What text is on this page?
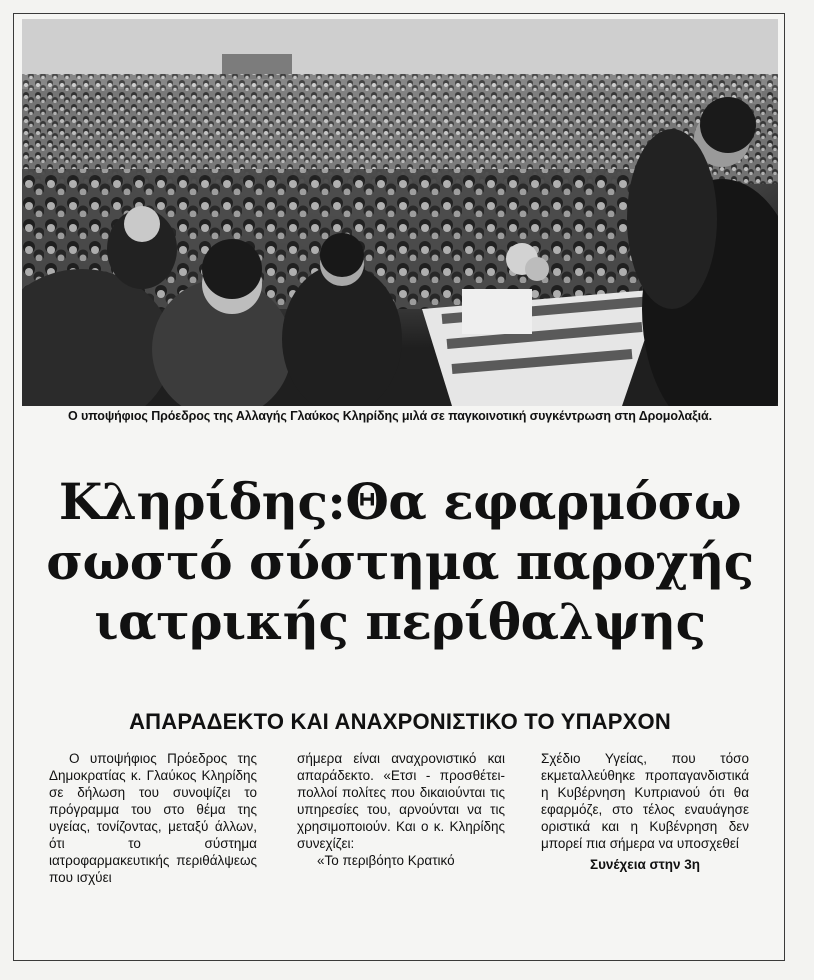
Ο υποψήφιος Πρόεδρος της Αλλαγής Γλαύκος Κληρίδης μιλά σε παγκοινοτική συγκέντρωση στη Δρομολαξιά.
Κληρίδης:Θα εφαρμόσω
σωστό σύστημα παροχής
ιατρικής περίθαλψης
ΑΠΑΡΑΔΕΚΤΟ ΚΑΙ ΑΝΑΧΡΟΝΙΣΤΙΚΟ ΤΟ ΥΠΑΡΧΟΝ

Ο υποψήφιος Πρόεδρος της Δημοκρατίας κ. Γλαύκος Κληρίδης σε δήλωση του συνοψίζει το πρόγραμμα του στο θέμα της υγείας, τονίζοντας, μεταξύ άλλων, ότι το σύστημα ιατροφαρμακευτικής περιθάλψεως που ισχύει

σήμερα είναι αναχρονιστικό και απαράδεκτο. «Ετσι - προσθέτει- πολλοί πολίτες που δικαιούνται τις υπηρεσίες του, αρνούνται να τις χρησιμοποιούν. Και ο κ. Κληρίδης συνεχίζει:

«Το περιβόητο Κρατικό

Σχέδιο Υγείας, που τόσο εκμεταλλεύθηκε προπαγανδιστικά η Κυβέρνηση Κυπριανού ότι θα εφαρμόζε, στο τέλος εναυάγησε οριστικά και η Κυβένρηση δεν μπορεί πια σήμερα να υποσχεθεί

Συνέχεια στην 3η
